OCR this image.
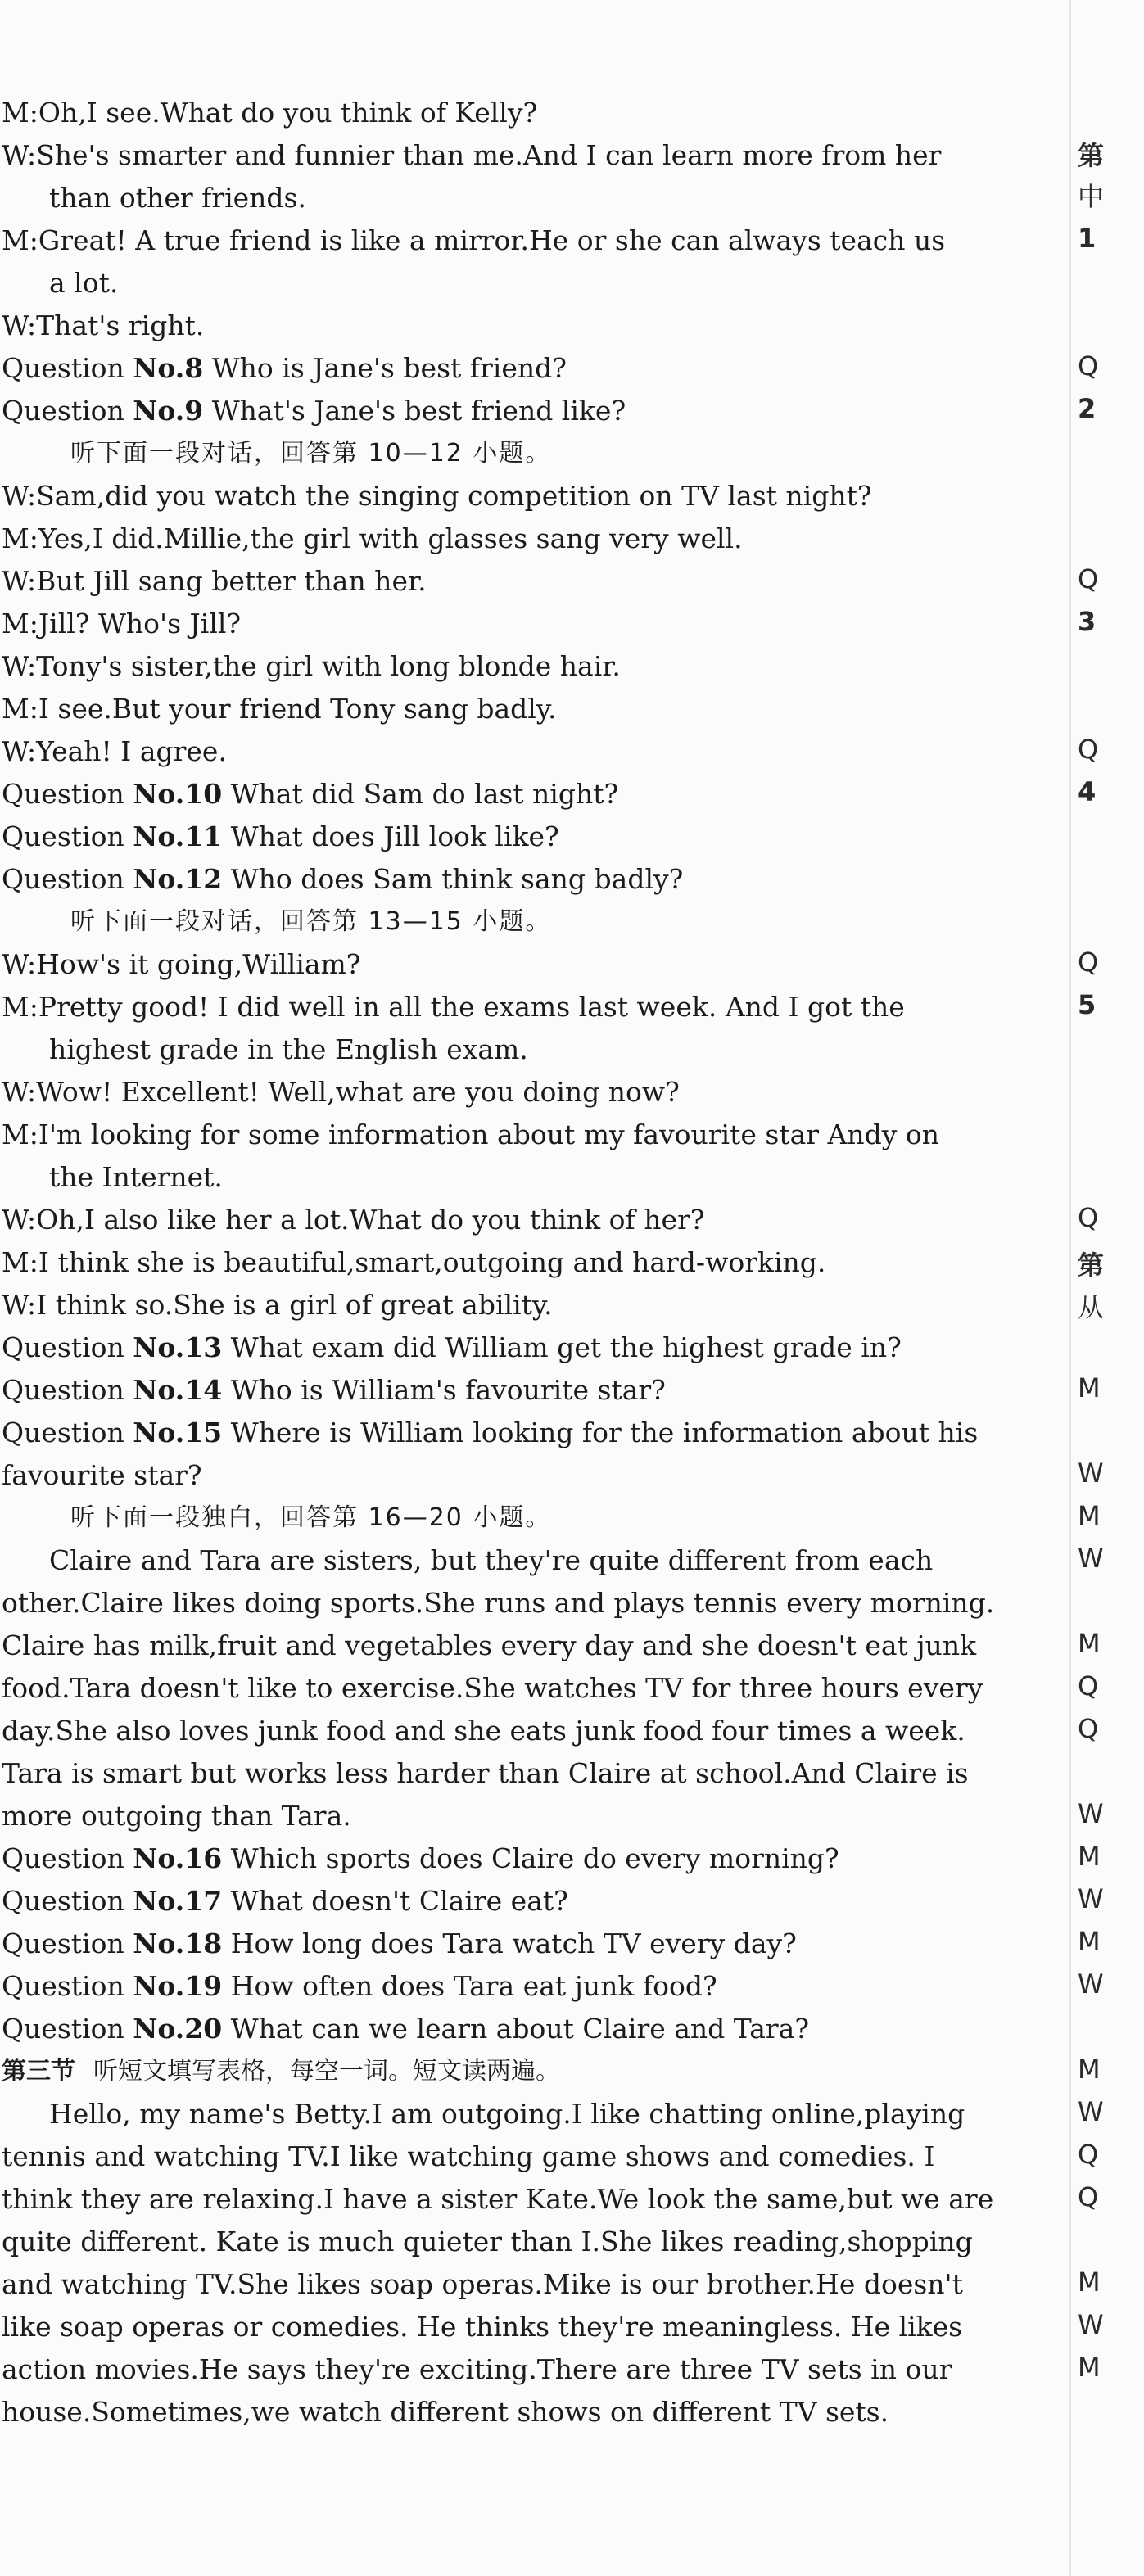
M:Oh,I see.What do you think of Kelly?
W:She's smarter and funnier than me.And I can learn more from her
than other friends.
M:Great! A true friend is like a mirror.He or she can always teach us
a lot.
W:That's right.
Question No.8 Who is Jane's best friend?
Question No.9 What's Jane's best friend like?
听下面一段对话，回答第 10—12 小题。
W:Sam,did you watch the singing competition on TV last night?
M:Yes,I did.Millie,the girl with glasses sang very well.
W:But Jill sang better than her.
M:Jill? Who's Jill?
W:Tony's sister,the girl with long blonde hair.
M:I see.But your friend Tony sang badly.
W:Yeah! I agree.
Question No.10 What did Sam do last night?
Question No.11 What does Jill look like?
Question No.12 Who does Sam think sang badly?
听下面一段对话，回答第 13—15 小题。
W:How's it going,William?
M:Pretty good! I did well in all the exams last week. And I got the
highest grade in the English exam.
W:Wow! Excellent! Well,what are you doing now?
M:I'm looking for some information about my favourite star Andy on
the Internet.
W:Oh,I also like her a lot.What do you think of her?
M:I think she is beautiful,smart,outgoing and hard-working.
W:I think so.She is a girl of great ability.
Question No.13 What exam did William get the highest grade in?
Question No.14 Who is William's favourite star?
Question No.15 Where is William looking for the information about his
favourite star?
听下面一段独白，回答第 16—20 小题。
Claire and Tara are sisters, but they're quite different from each
other.Claire likes doing sports.She runs and plays tennis every morning.
Claire has milk,fruit and vegetables every day and she doesn't eat junk
food.Tara doesn't like to exercise.She watches TV for three hours every
day.She also loves junk food and she eats junk food four times a week.
Tara is smart but works less harder than Claire at school.And Claire is
more outgoing than Tara.
Question No.16 Which sports does Claire do every morning?
Question No.17 What doesn't Claire eat?
Question No.18 How long does Tara watch TV every day?
Question No.19 How often does Tara eat junk food?
Question No.20 What can we learn about Claire and Tara?
第三节 听短文填写表格，每空一词。短文读两遍。
Hello, my name's Betty.I am outgoing.I like chatting online,playing
tennis and watching TV.I like watching game shows and comedies. I
think they are relaxing.I have a sister Kate.We look the same,but we are
quite different. Kate is much quieter than I.She likes reading,shopping
and watching TV.She likes soap operas.Mike is our brother.He doesn't
like soap operas or comedies. He thinks they're meaningless. He likes
action movies.He says they're exciting.There are three TV sets in our
house.Sometimes,we watch different shows on different TV sets.
第
中
1
Q
2
Q
3
Q
4
Q
5
Q
第
从
M
W
M
W
M
Q
Q
W
M
W
M
W
M
W
Q
Q
M
W
M
